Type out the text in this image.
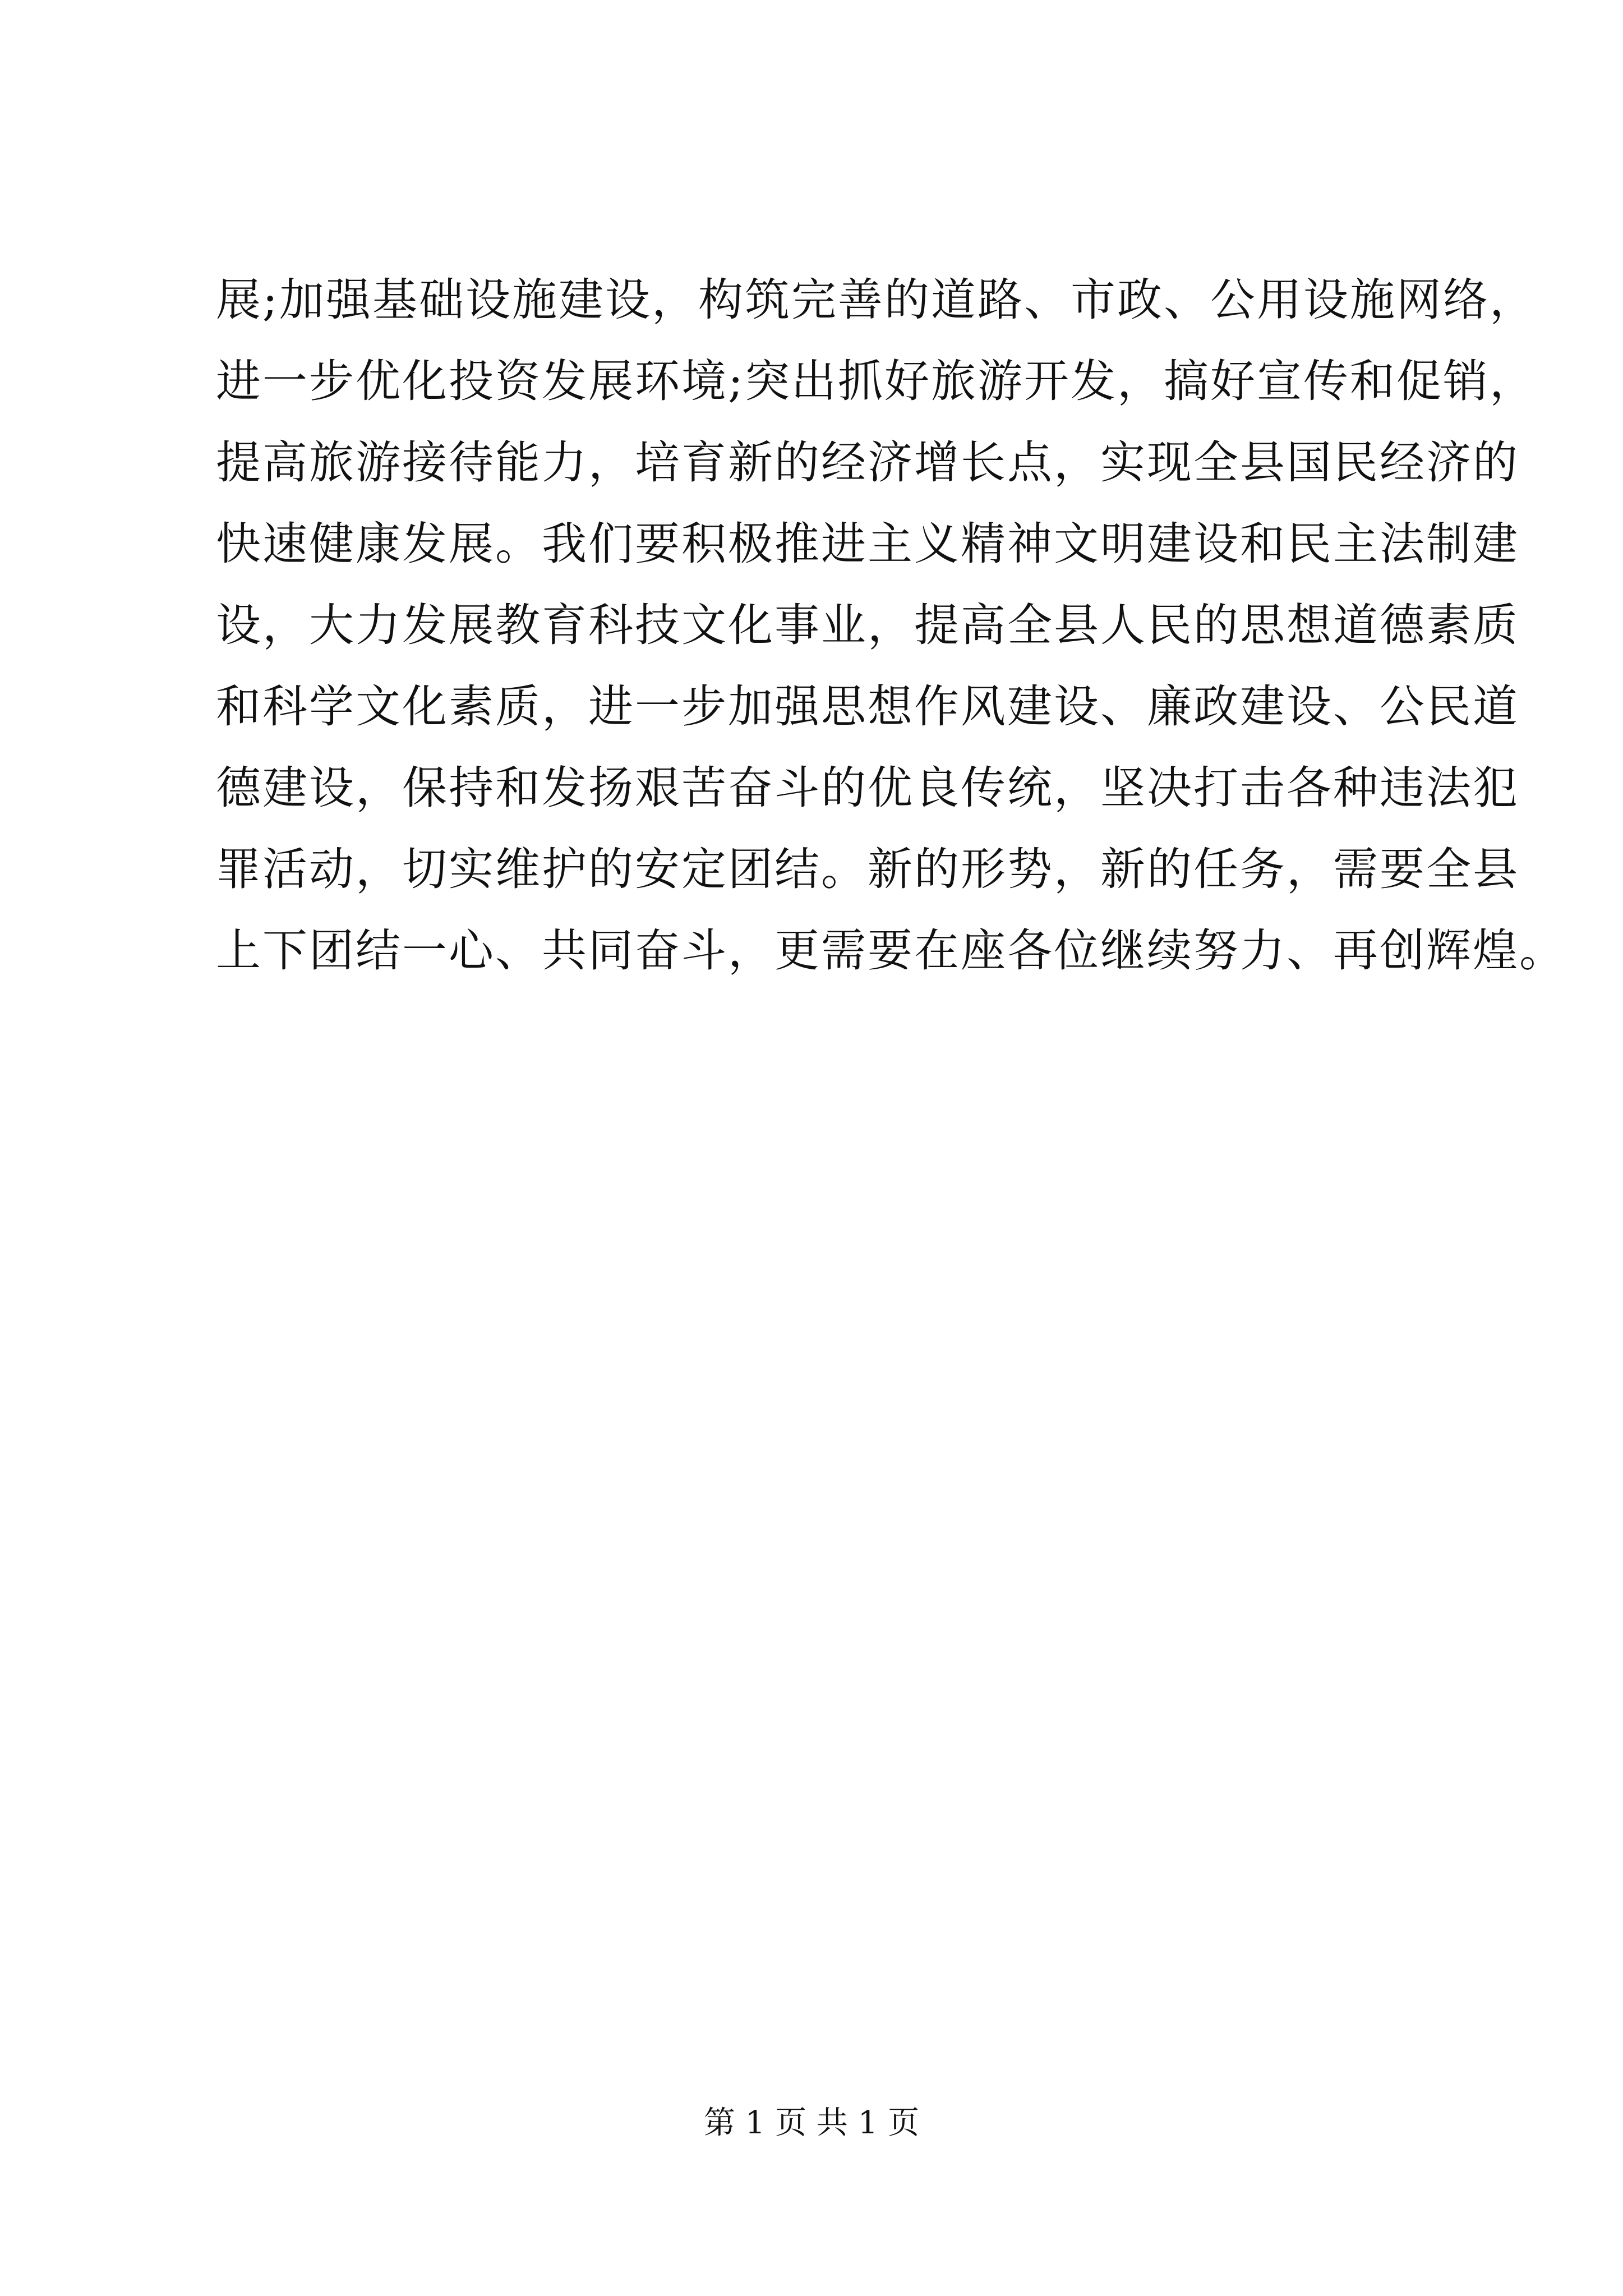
展;加强基础设施建设，构筑完善的道路、市政、公用设施网络，
进一步优化投资发展环境;突出抓好旅游开发，搞好宣传和促销，
提高旅游接待能力，培育新的经济增长点，实现全县国民经济的
快速健康发展。我们要积极推进主义精神文明建设和民主法制建
设，大力发展教育科技文化事业，提高全县人民的思想道德素质
和科学文化素质，进一步加强思想作风建设、廉政建设、公民道
德建设，保持和发扬艰苦奋斗的优良传统，坚决打击各种违法犯
罪活动，切实维护的安定团结。新的形势，新的任务，需要全县
上下团结一心、共同奋斗，更需要在座各位继续努力、再创辉煌。
第 1 页 共 1 页
